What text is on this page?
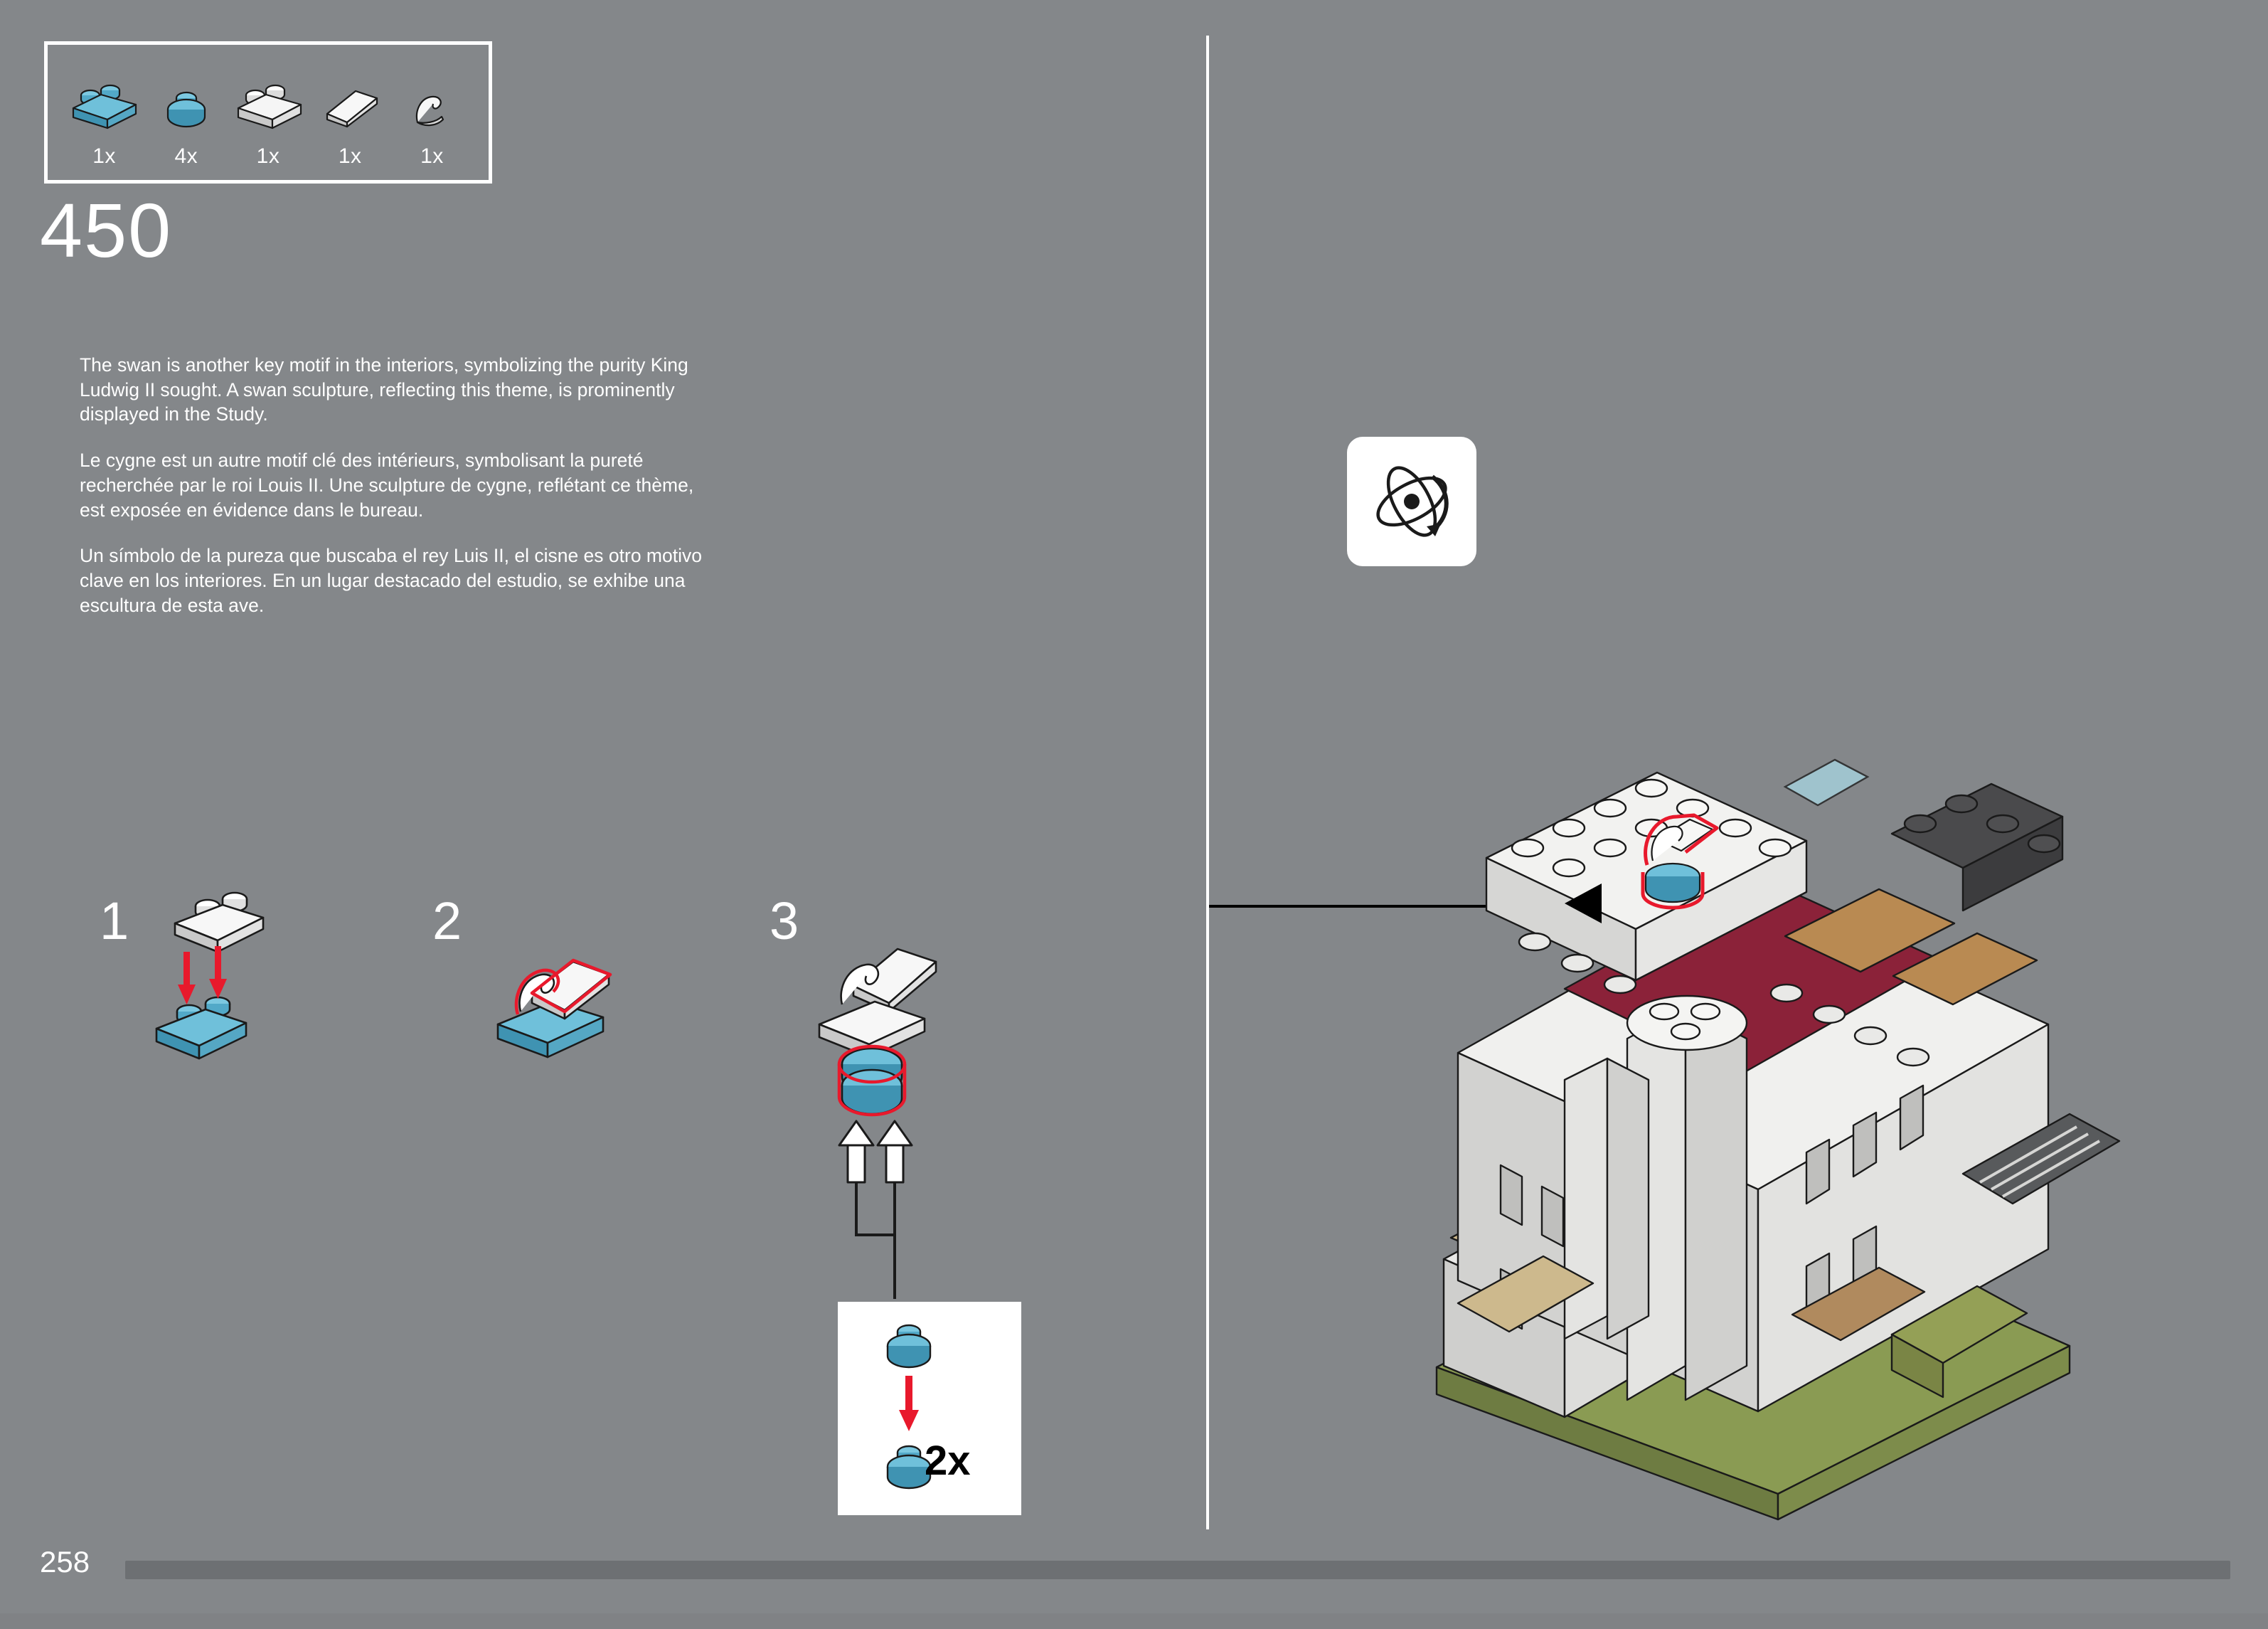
1x	4x	1x	1x	1x
450

The swan is another key motif in the interiors, symbolizing the purity King Ludwig II sought. A swan sculpture, reflecting this theme, is prominently displayed in the Study.

Le cygne est un autre motif clé des intérieurs, symbolisant la pureté recherchée par le roi Louis II. Une sculpture de cygne, reflétant ce thème, est exposée en évidence dans le bureau.

Un símbolo de la pureza que buscaba el rey Luis II, el cisne es otro motivo clave en los interiores. En un lugar destacado del estudio, se exhibe una escultura de esta ave.

1	2	3
2x
258
